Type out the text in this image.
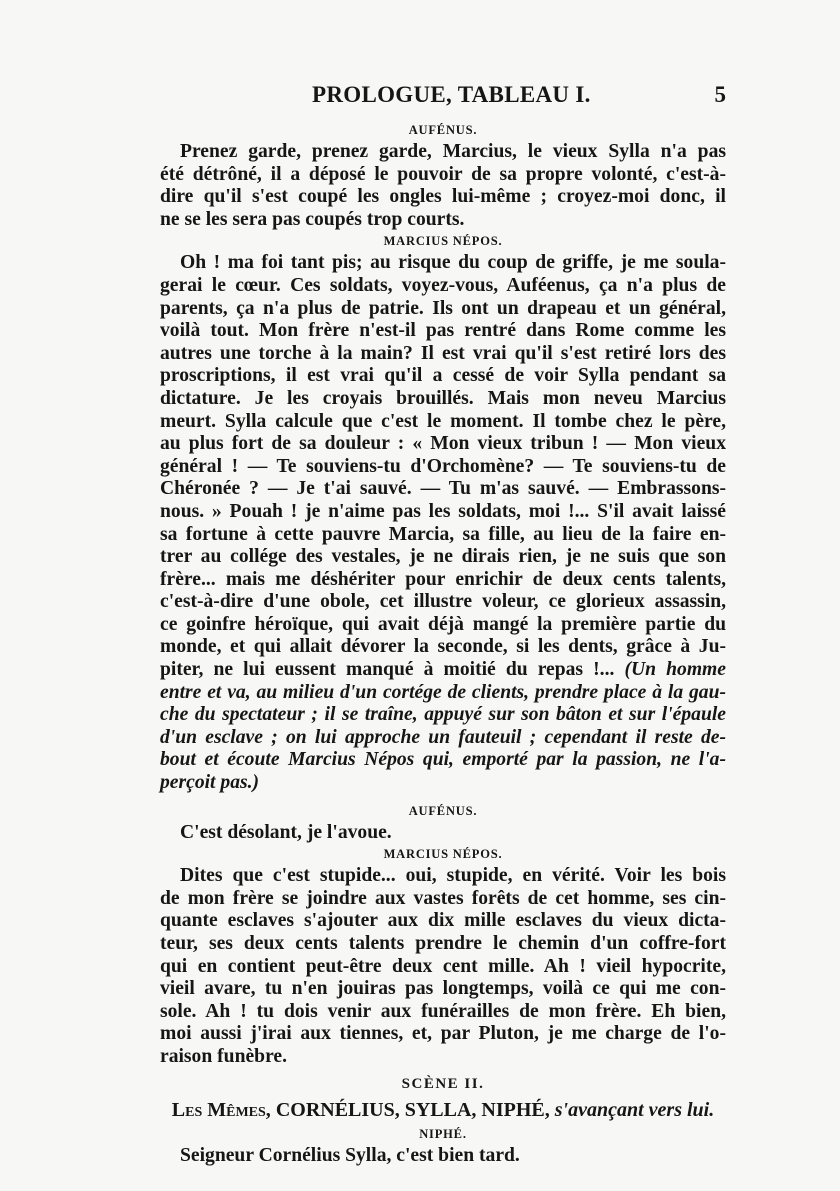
PROLOGUE, TABLEAU I.	5
AUFÉNUS.
Prenez garde, prenez garde, Marcius, le vieux Sylla n'a pas
été détrôné, il a déposé le pouvoir de sa propre volonté, c'est-à-
dire qu'il s'est coupé les ongles lui-même ; croyez-moi donc, il
ne se les sera pas coupés trop courts.
MARCIUS NÉPOS.
Oh ! ma foi tant pis; au risque du coup de griffe, je me soula-
gerai le cœur. Ces soldats, voyez-vous, Auféenus, ça n'a plus de
parents, ça n'a plus de patrie. Ils ont un drapeau et un général,
voilà tout. Mon frère n'est-il pas rentré dans Rome comme les
autres une torche à la main? Il est vrai qu'il s'est retiré lors des
proscriptions, il est vrai qu'il a cessé de voir Sylla pendant sa
dictature. Je les croyais brouillés. Mais mon neveu Marcius
meurt. Sylla calcule que c'est le moment. Il tombe chez le père,
au plus fort de sa douleur : « Mon vieux tribun ! — Mon vieux
général ! — Te souviens-tu d'Orchomène? — Te souviens-tu de
Chéronée ? — Je t'ai sauvé. — Tu m'as sauvé. — Embrassons-
nous. » Pouah ! je n'aime pas les soldats, moi !... S'il avait laissé
sa fortune à cette pauvre Marcia, sa fille, au lieu de la faire en-
trer au collége des vestales, je ne dirais rien, je ne suis que son
frère... mais me déshériter pour enrichir de deux cents talents,
c'est-à-dire d'une obole, cet illustre voleur, ce glorieux assassin,
ce goinfre héroïque, qui avait déjà mangé la première partie du
monde, et qui allait dévorer la seconde, si les dents, grâce à Ju-
piter, ne lui eussent manqué à moitié du repas !... (Un homme
entre et va, au milieu d'un cortége de clients, prendre place à la gau-
che du spectateur ; il se traîne, appuyé sur son bâton et sur l'épaule
d'un esclave ; on lui approche un fauteuil ; cependant il reste de-
bout et écoute Marcius Népos qui, emporté par la passion, ne l'a-
perçoit pas.)
AUFÉNUS.
C'est désolant, je l'avoue.
MARCIUS NÉPOS.
Dites que c'est stupide... oui, stupide, en vérité. Voir les bois
de mon frère se joindre aux vastes forêts de cet homme, ses cin-
quante esclaves s'ajouter aux dix mille esclaves du vieux dicta-
teur, ses deux cents talents prendre le chemin d'un coffre-fort
qui en contient peut-être deux cent mille. Ah ! vieil hypocrite,
vieil avare, tu n'en jouiras pas longtemps, voilà ce qui me con-
sole. Ah ! tu dois venir aux funérailles de mon frère. Eh bien,
moi aussi j'irai aux tiennes, et, par Pluton, je me charge de l'o-
raison funèbre.
SCÈNE II.
Les Mêmes, CORNÉLIUS, SYLLA, NIPHÉ, s'avançant vers lui.
NIPHÉ.
Seigneur Cornélius Sylla, c'est bien tard.
